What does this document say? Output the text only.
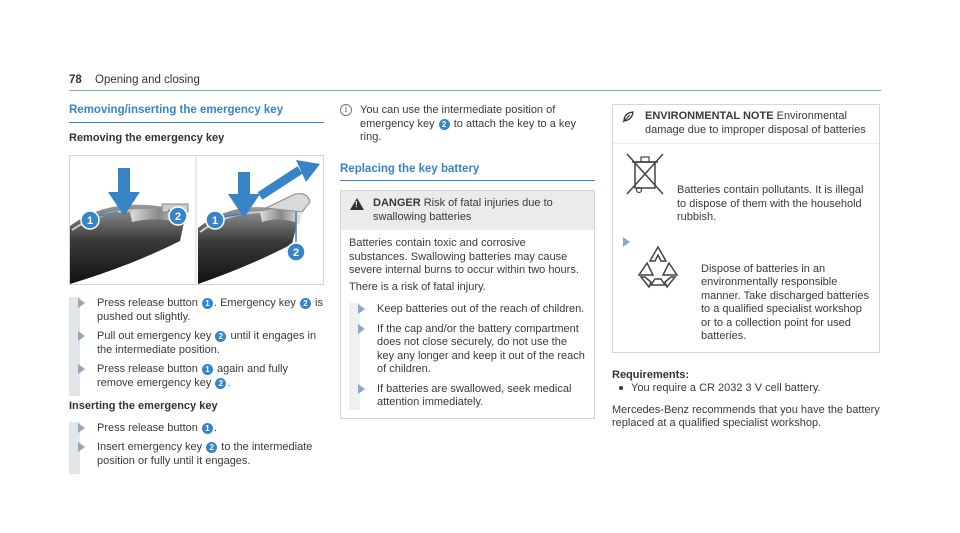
78 Opening and closing
Removing/inserting the emergency key
Removing the emergency key
1	2	1
2
Press release button 1 . Emergency key 2 is pushed out slightly.
Pull out emergency key 2 until it engages in the intermediate position.
Press release button 1 again and fully remove emergency key 2 .
Inserting the emergency key
Press release button 1 .
Insert emergency key 2 to the intermediate position or fully until it engages.
i	You can use the intermediate position of emergency key 2 to attach the key to a key ring.
Replacing the key battery
!
DANGER Risk of fatal injuries due to swallowing batteries
Batteries contain toxic and corrosive substances. Swallowing batteries may cause severe internal burns to occur within two hours.
There is a risk of fatal injury.
Keep batteries out of the reach of children.
If the cap and/or the battery compartment does not close securely, do not use the key any longer and keep it out of the reach of children.
If batteries are swallowed, seek medical attention immediately.
ENVIRONMENTAL NOTE Environmental damage due to improper disposal of batteries
Batteries contain pollutants. It is illegal to dispose of them with the household rubbish.
Dispose of batteries in an environmentally responsible manner. Take discharged batteries to a qualified specialist workshop or to a collection point for used batteries.
Requirements:
You require a CR 2032 3 V cell battery.
Mercedes-Benz recommends that you have the battery replaced at a qualified specialist workshop.
